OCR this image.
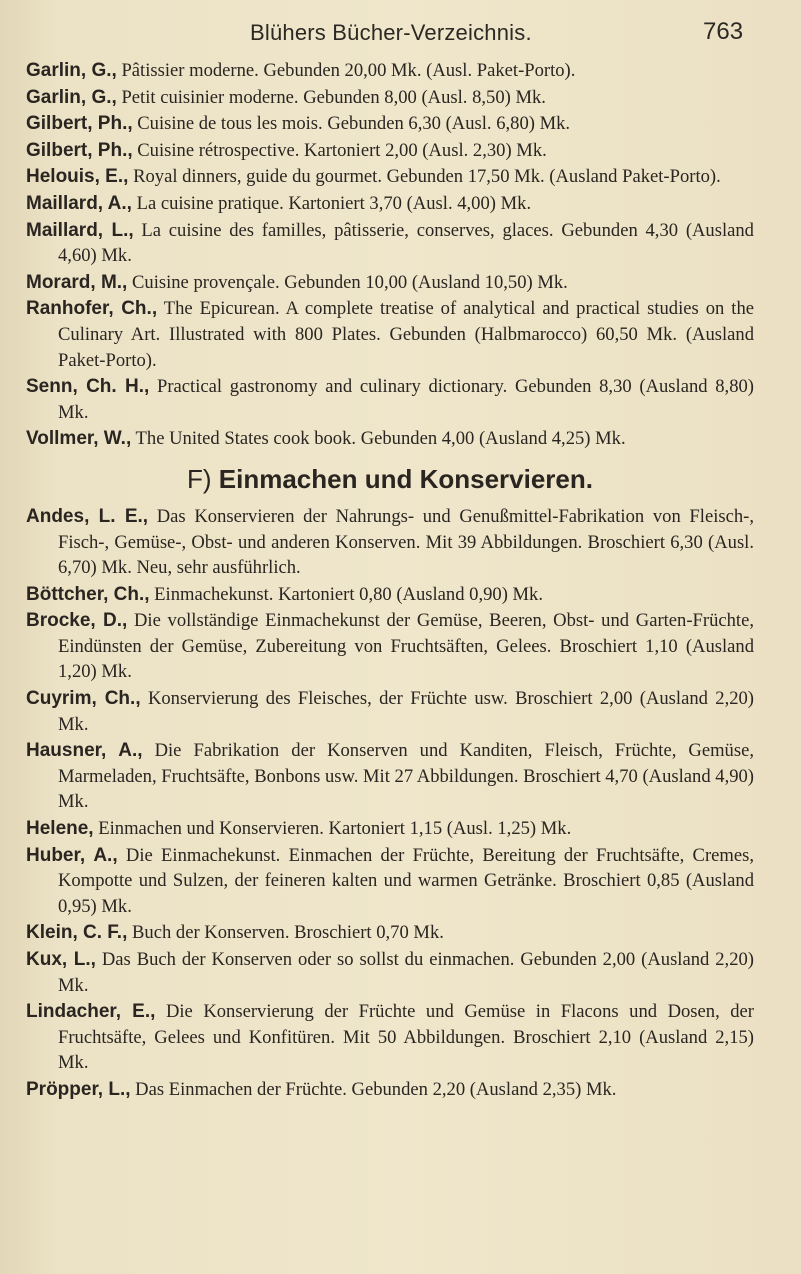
Blühers Bücher-Verzeichnis.	763

Garlin, G., Pâtissier moderne. Gebunden 20,00 Mk. (Ausl. Paket-Porto).

Garlin, G., Petit cuisinier moderne. Gebunden 8,00 (Ausl. 8,50) Mk.

Gilbert, Ph., Cuisine de tous les mois. Gebunden 6,30 (Ausl. 6,80) Mk.

Gilbert, Ph., Cuisine rétrospective. Kartoniert 2,00 (Ausl. 2,30) Mk.

Helouis, E., Royal dinners, guide du gourmet. Gebunden 17,50 Mk. (Ausland Paket-Porto).

Maillard, A., La cuisine pratique. Kartoniert 3,70 (Ausl. 4,00) Mk.

Maillard, L., La cuisine des familles, pâtisserie, conserves, glaces. Gebunden 4,30 (Ausland 4,60) Mk.

Morard, M., Cuisine provençale. Gebunden 10,00 (Ausland 10,50) Mk.

Ranhofer, Ch., The Epicurean. A complete treatise of analytical and practical studies on the Culinary Art. Illustrated with 800 Plates. Gebunden (Halbmarocco) 60,50 Mk. (Ausland Paket-Porto).

Senn, Ch. H., Practical gastronomy and culinary dictionary. Gebunden 8,30 (Ausland 8,80) Mk.

Vollmer, W., The United States cook book. Gebunden 4,00 (Ausland 4,25) Mk.

F) Einmachen und Konservieren.

Andes, L. E., Das Konservieren der Nahrungs- und Genußmittel-Fabrikation von Fleisch-, Fisch-, Gemüse-, Obst- und anderen Konserven. Mit 39 Abbildungen. Broschiert 6,30 (Ausl. 6,70) Mk. Neu, sehr ausführlich.

Böttcher, Ch., Einmachekunst. Kartoniert 0,80 (Ausland 0,90) Mk.

Brocke, D., Die vollständige Einmachekunst der Gemüse, Beeren, Obst- und Garten-Früchte, Eindünsten der Gemüse, Zubereitung von Fruchtsäften, Gelees. Broschiert 1,10 (Ausland 1,20) Mk.

Cuyrim, Ch., Konservierung des Fleisches, der Früchte usw. Broschiert 2,00 (Ausland 2,20) Mk.

Hausner, A., Die Fabrikation der Konserven und Kanditen, Fleisch, Früchte, Gemüse, Marmeladen, Fruchtsäfte, Bonbons usw. Mit 27 Abbildungen. Broschiert 4,70 (Ausland 4,90) Mk.

Helene, Einmachen und Konservieren. Kartoniert 1,15 (Ausl. 1,25) Mk.

Huber, A., Die Einmachekunst. Einmachen der Früchte, Bereitung der Fruchtsäfte, Cremes, Kompotte und Sulzen, der feineren kalten und warmen Getränke. Broschiert 0,85 (Ausland 0,95) Mk.

Klein, C. F., Buch der Konserven. Broschiert 0,70 Mk.

Kux, L., Das Buch der Konserven oder so sollst du einmachen. Gebunden 2,00 (Ausland 2,20) Mk.

Lindacher, E., Die Konservierung der Früchte und Gemüse in Flacons und Dosen, der Fruchtsäfte, Gelees und Konfitüren. Mit 50 Abbildungen. Broschiert 2,10 (Ausland 2,15) Mk.

Pröpper, L., Das Einmachen der Früchte. Gebunden 2,20 (Ausland 2,35) Mk.
